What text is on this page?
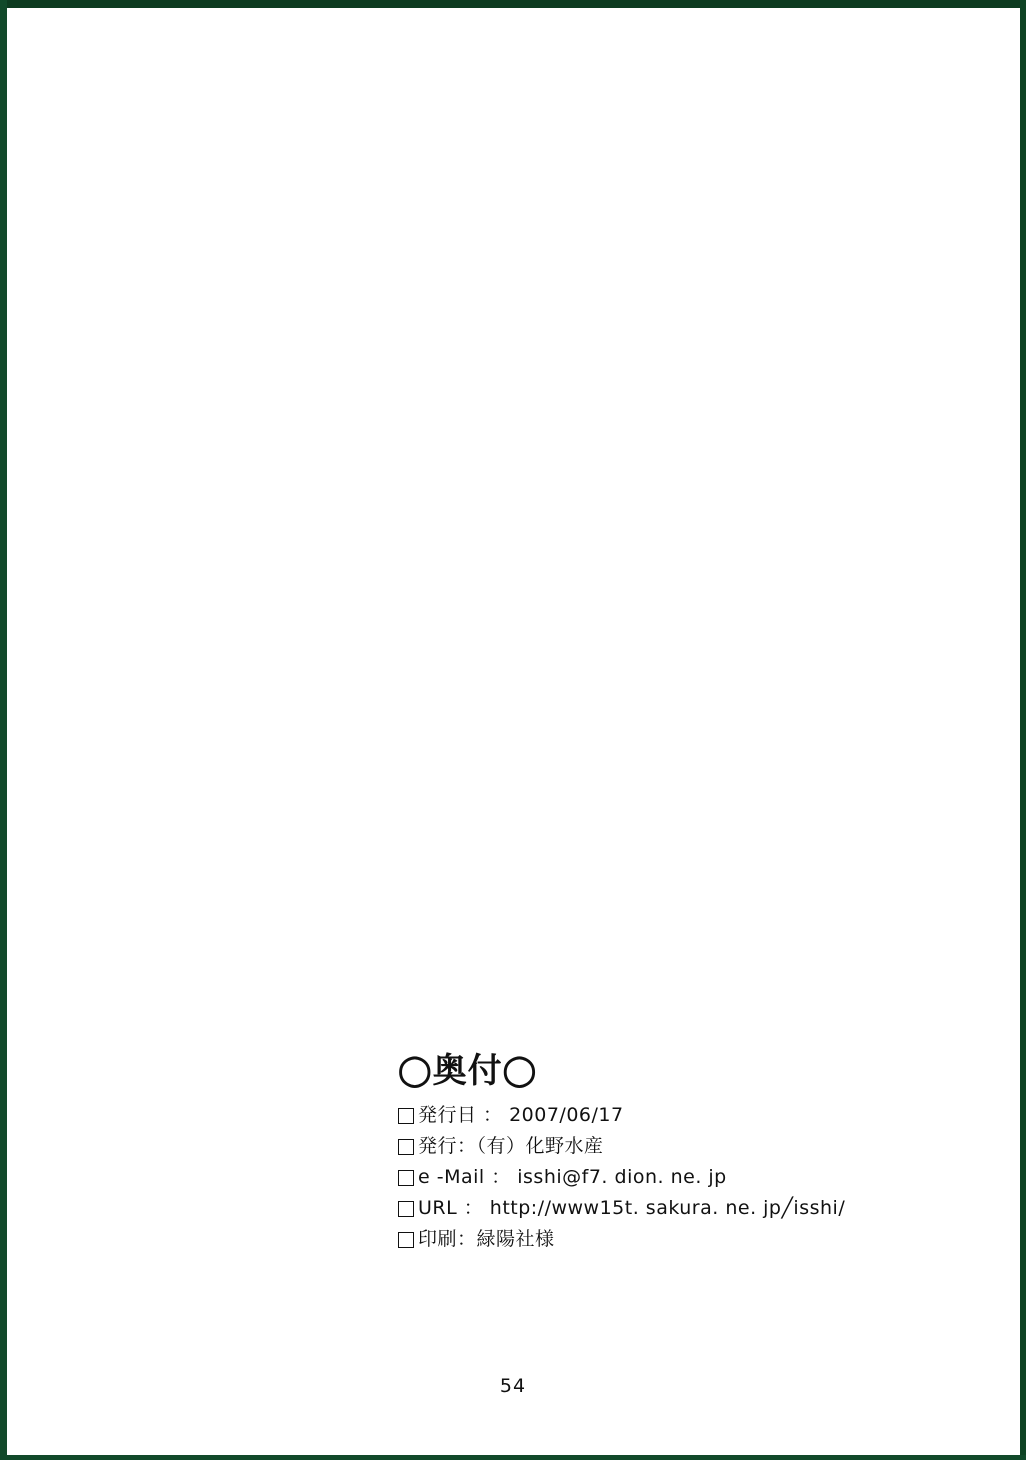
◯奥付◯
発行日 ： 2007/06/17
発行：（有）化野水産
e -Mail ： isshi@f7. dion. ne. jp
URL ： http://www15t. sakura. ne. jp╱isshi/
印刷：緑陽社様
54
